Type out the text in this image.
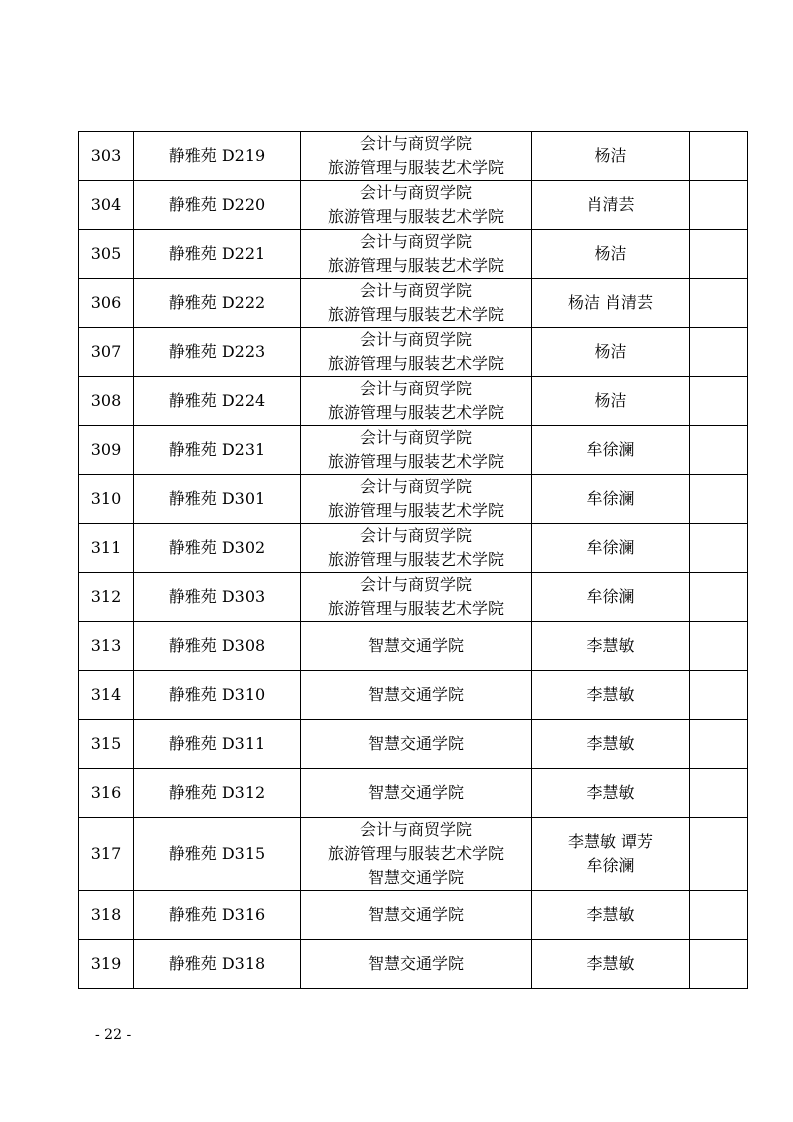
303	静雅苑 D219	会计与商贸学院
旅游管理与服装艺术学院	杨洁	

304	静雅苑 D220	会计与商贸学院
旅游管理与服装艺术学院	肖清芸	

305	静雅苑 D221	会计与商贸学院
旅游管理与服装艺术学院	杨洁	

306	静雅苑 D222	会计与商贸学院
旅游管理与服装艺术学院	杨洁 肖清芸	

307	静雅苑 D223	会计与商贸学院
旅游管理与服装艺术学院	杨洁	

308	静雅苑 D224	会计与商贸学院
旅游管理与服装艺术学院	杨洁	

309	静雅苑 D231	会计与商贸学院
旅游管理与服装艺术学院	牟徐澜	

310	静雅苑 D301	会计与商贸学院
旅游管理与服装艺术学院	牟徐澜	

311	静雅苑 D302	会计与商贸学院
旅游管理与服装艺术学院	牟徐澜	

312	静雅苑 D303	会计与商贸学院
旅游管理与服装艺术学院	牟徐澜	

313	静雅苑 D308	智慧交通学院	李慧敏	

314	静雅苑 D310	智慧交通学院	李慧敏	

315	静雅苑 D311	智慧交通学院	李慧敏	

316	静雅苑 D312	智慧交通学院	李慧敏	

317	静雅苑 D315	会计与商贸学院
旅游管理与服装艺术学院
智慧交通学院	李慧敏 谭芳
牟徐澜	

318	静雅苑 D316	智慧交通学院	李慧敏	

319	静雅苑 D318	智慧交通学院	李慧敏	

- 22 -
